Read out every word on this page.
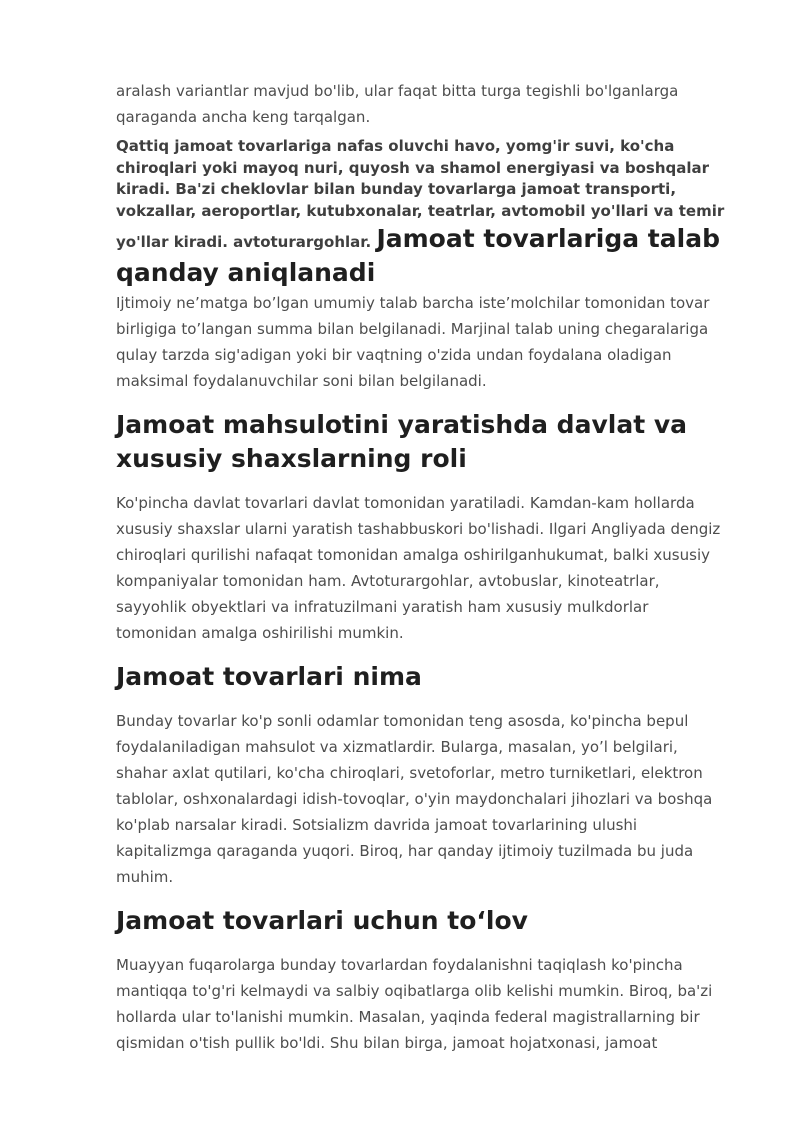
aralash variantlar mavjud bo'lib, ular faqat bitta turga tegishli bo'lganlarga qaraganda ancha keng tarqalgan.

Qattiq jamoat tovarlariga nafas oluvchi havo, yomg'ir suvi, ko'cha chiroqlari yoki mayoq nuri, quyosh va shamol energiyasi va boshqalar kiradi. Ba'zi cheklovlar bilan bunday tovarlarga jamoat transporti, vokzallar, aeroportlar, kutubxonalar, teatrlar, avtomobil yo'llari va temir yo'llar kiradi. avtoturargohlar. Jamoat tovarlariga talab qanday aniqlanadi

Ijtimoiy ne’matga bo’lgan umumiy talab barcha iste’molchilar tomonidan tovar birligiga to’langan summa bilan belgilanadi. Marjinal talab uning chegaralariga qulay tarzda sig'adigan yoki bir vaqtning o'zida undan foydalana oladigan maksimal foydalanuvchilar soni bilan belgilanadi.

Jamoat mahsulotini yaratishda davlat va xususiy shaxslarning roli

Ko'pincha davlat tovarlari davlat tomonidan yaratiladi. Kamdan-kam hollarda xususiy shaxslar ularni yaratish tashabbuskori bo'lishadi. Ilgari Angliyada dengiz chiroqlari qurilishi nafaqat tomonidan amalga oshirilganhukumat, balki xususiy kompaniyalar tomonidan ham. Avtoturargohlar, avtobuslar, kinoteatrlar, sayyohlik obyektlari va infratuzilmani yaratish ham xususiy mulkdorlar tomonidan amalga oshirilishi mumkin.

Jamoat tovarlari nima

Bunday tovarlar ko'p sonli odamlar tomonidan teng asosda, ko'pincha bepul foydalaniladigan mahsulot va xizmatlardir. Bularga, masalan, yo’l belgilari, shahar axlat qutilari, ko'cha chiroqlari, svetoforlar, metro turniketlari, elektron tablolar, oshxonalardagi idish-tovoqlar, o'yin maydonchalari jihozlari va boshqa ko'plab narsalar kiradi. Sotsializm davrida jamoat tovarlarining ulushi kapitalizmga qaraganda yuqori. Biroq, har qanday ijtimoiy tuzilmada bu juda muhim.

Jamoat tovarlari uchun to‘lov

Muayyan fuqarolarga bunday tovarlardan foydalanishni taqiqlash ko'pincha mantiqqa to'g'ri kelmaydi va salbiy oqibatlarga olib kelishi mumkin. Biroq, ba'zi hollarda ular to'lanishi mumkin. Masalan, yaqinda federal magistrallarning bir qismidan o'tish pullik bo'ldi. Shu bilan birga, jamoat hojatxonasi, jamoat
